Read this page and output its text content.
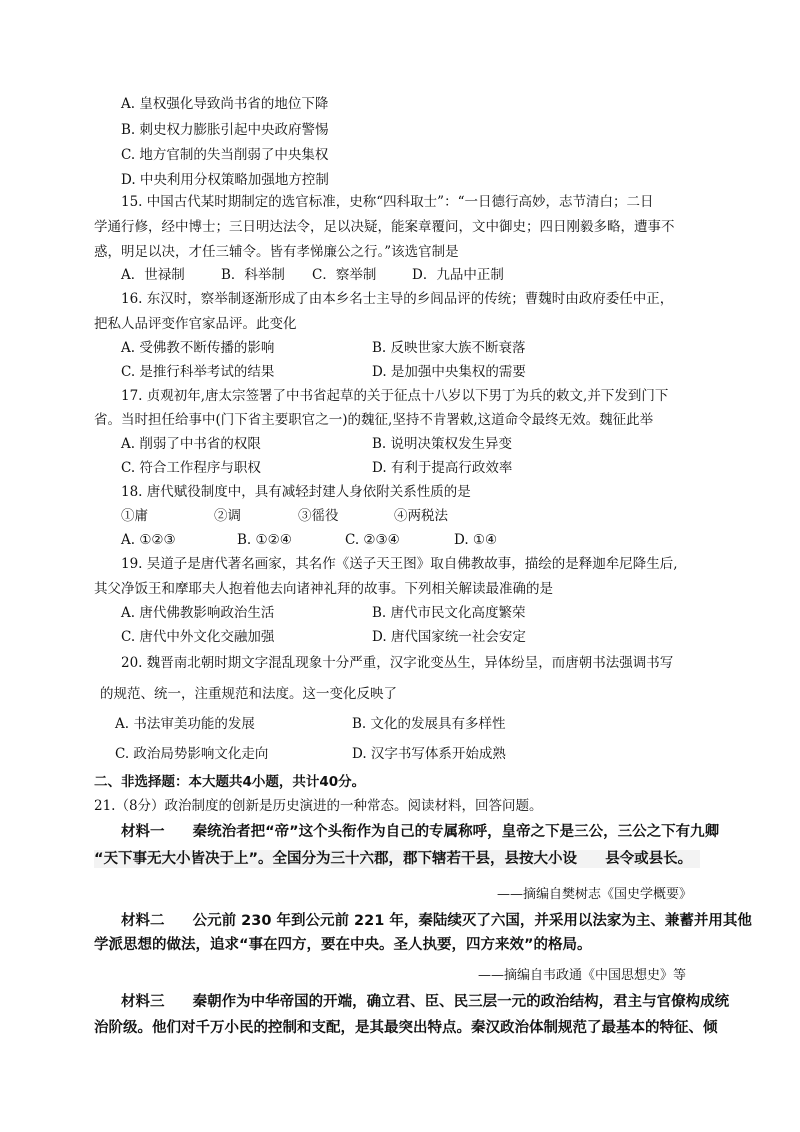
A. 皇权强化导致尚书省的地位下降
B. 刺史权力膨胀引起中央政府警惕
C. 地方官制的失当削弱了中央集权
D. 中央利用分权策略加强地方控制
15. 中国古代某时期制定的选官标准，史称“四科取士”：“一日德行高妙，志节清白；二日
学通行修，经中博士；三日明达法令，足以决疑，能案章覆问，文中御史；四日刚毅多略，遭事不
惑，明足以决，才任三辅令。皆有孝悌廉公之行。”该选官制是
A．世禄制	B．科举制 C．察举制	D．九品中正制
16. 东汉时，察举制逐渐形成了由本乡名士主导的乡闾品评的传统；曹魏时由政府委任中正，
把私人品评变作官家品评。此变化
A. 受佛教不断传播的影响	B. 反映世家大族不断衰落
C. 是推行科举考试的结果	D. 是加强中央集权的需要
17. 贞观初年,唐太宗签署了中书省起草的关于征点十八岁以下男丁为兵的敕文,并下发到门下
省。当时担任给事中(门下省主要职官之一)的魏征,坚持不肯署敕,这道命令最终无效。魏征此举
A. 削弱了中书省的权限	B. 说明决策权发生异变
C. 符合工作程序与职权	D. 有利于提高行政效率
18. 唐代赋役制度中，具有减轻封建人身依附关系性质的是
①庸	②调	③徭役	④两税法
A. ①②③	B. ①②④	C. ②③④	D. ①④
19. 吴道子是唐代著名画家，其名作《送子天王图》取自佛教故事，描绘的是释迦牟尼降生后,
其父净饭王和摩耶夫人抱着他去向诸神礼拜的故事。下列相关解读最准确的是
A. 唐代佛教影响政治生活	B. 唐代市民文化高度繁荣
C. 唐代中外文化交融加强	D. 唐代国家统一社会安定
20. 魏晋南北朝时期文字混乱现象十分严重，汉字讹变丛生，异体纷呈，而唐朝书法强调书写
的规范、统一，注重规范和法度。这一变化反映了
A. 书法审美功能的发展	B. 文化的发展具有多样性
C. 政治局势影响文化走向	D. 汉字书写体系开始成熟
二、非选择题：本大题共4小题，共计40分。
21.（8分）政治制度的创新是历史演进的一种常态。阅读材料，回答问题。
材料一 秦统治者把“帝”这个头衔作为自己的专属称呼，皇帝之下是三公，三公之下有九卿
“天下事无大小皆决于上”。全国分为三十六郡，郡下辖若干县，县按大小设 县令或县长。
——摘编自樊树志《国史学概要》
材料二 公元前 230 年到公元前 221 年，秦陆续灭了六国，并采用以法家为主、兼蓄并用其他
学派思想的做法，追求“事在四方，要在中央。圣人执要，四方来效”的格局。
——摘编自韦政通《中国思想史》等
材料三 秦朝作为中华帝国的开端，确立君、臣、民三层一元的政治结构，君主与官僚构成统
治阶级。他们对千万小民的控制和支配，是其最突出特点。秦汉政治体制规范了最基本的特征、倾
